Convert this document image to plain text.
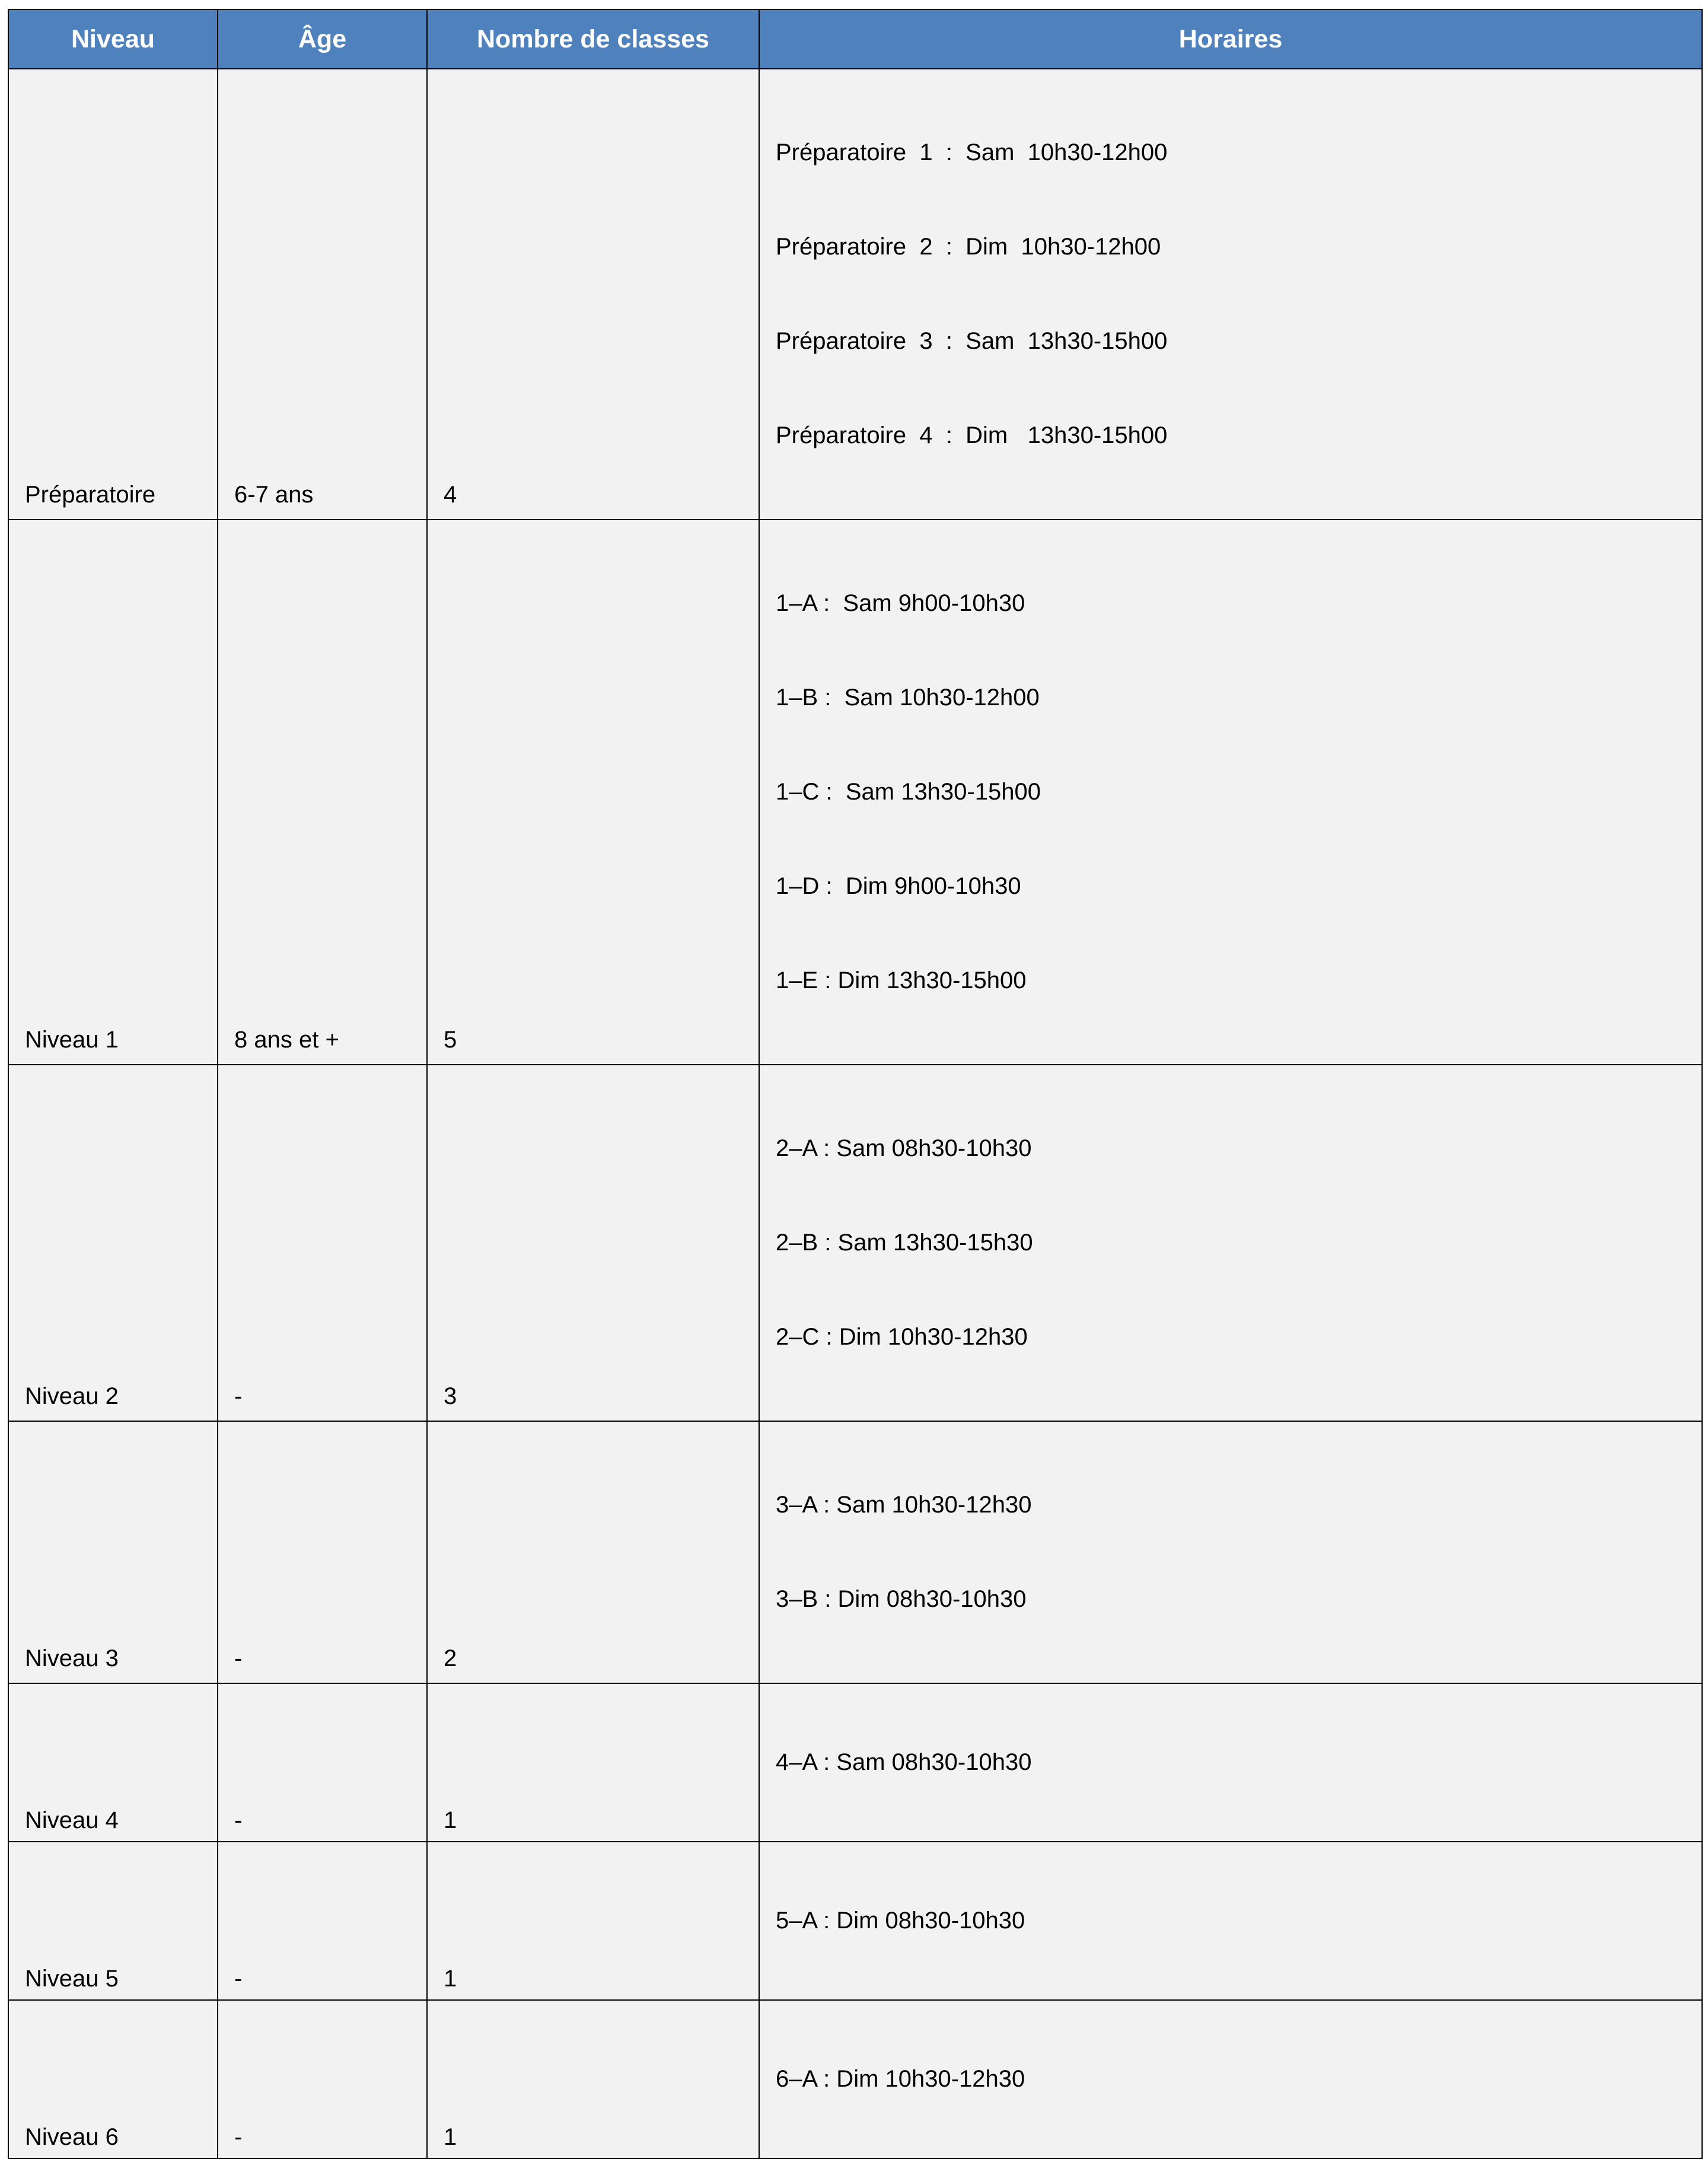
Niveau	Âge	Nombre de classes	Horaires
Préparatoire	6-7 ans	4	Préparatoire  1  :  Sam  10h30-12h00

Préparatoire  2  :  Dim  10h30-12h00

Préparatoire  3  :  Sam  13h30-15h00

Préparatoire  4  :  Dim   13h30-15h00

Niveau 1	8 ans et +	5	1–A :  Sam 9h00-10h30

1–B :  Sam 10h30-12h00

1–C :  Sam 13h30-15h00

1–D :  Dim 9h00-10h30

1–E : Dim 13h30-15h00

Niveau 2	-	3	2–A : Sam 08h30-10h30

2–B : Sam 13h30-15h30

2–C : Dim 10h30-12h30

Niveau 3	-	2	3–A : Sam 10h30-12h30

3–B : Dim 08h30-10h30

Niveau 4	-	1	4–A : Sam 08h30-10h30

Niveau 5	-	1	5–A : Dim 08h30-10h30

Niveau 6	-	1	6–A : Dim 10h30-12h30
